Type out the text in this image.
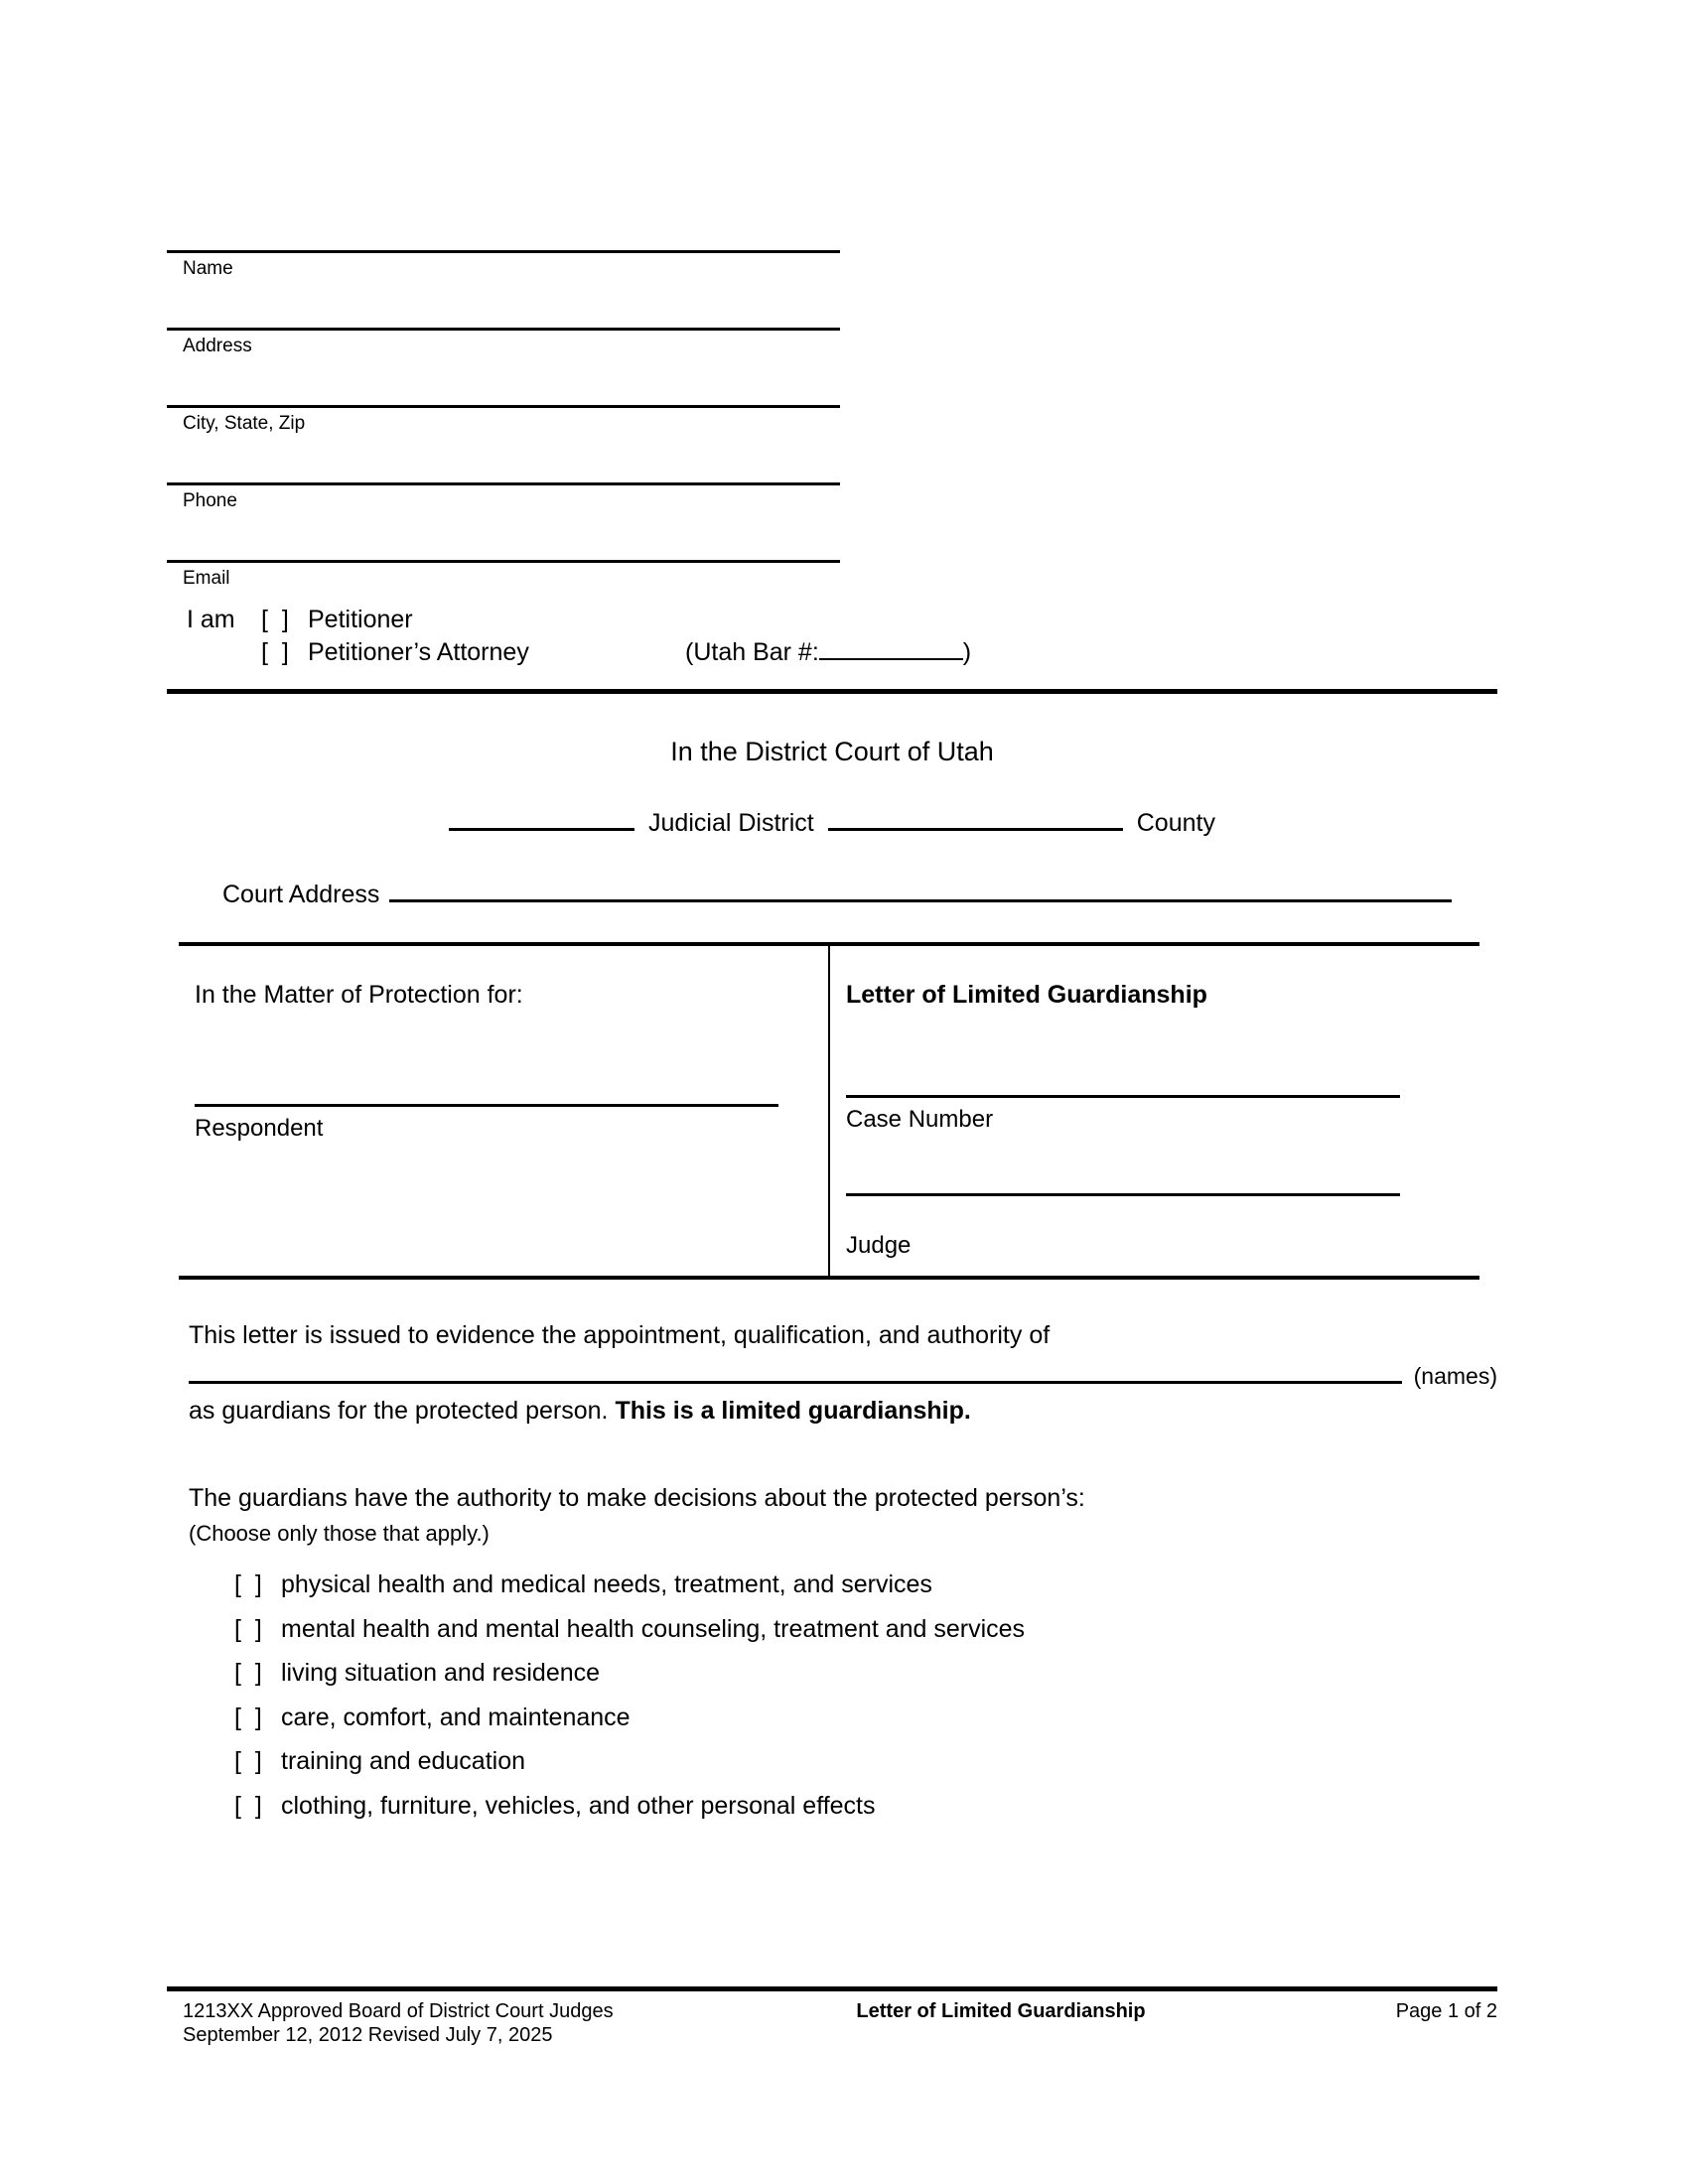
Name
Address
City, State, Zip
Phone
Email
I am	[  ] Petitioner
[  ] Petitioner’s Attorney	(Utah Bar #:	)
In the District Court of Utah
Judicial District	County
Court Address
In the Matter of Protection for:
Respondent
Letter of Limited Guardianship
Case Number
Judge
This letter is issued to evidence the appointment, qualification, and authority of
(names)
as guardians for the protected person. This is a limited guardianship.
The guardians have the authority to make decisions about the protected person’s:
(Choose only those that apply.)
[  ] physical health and medical needs, treatment, and services
[  ] mental health and mental health counseling, treatment and services
[  ] living situation and residence
[  ] care, comfort, and maintenance
[  ] training and education
[  ] clothing, furniture, vehicles, and other personal effects
1213XX Approved Board of District Court Judges	Letter of Limited Guardianship	Page 1 of 2
September 12, 2012 Revised July 7, 2025
